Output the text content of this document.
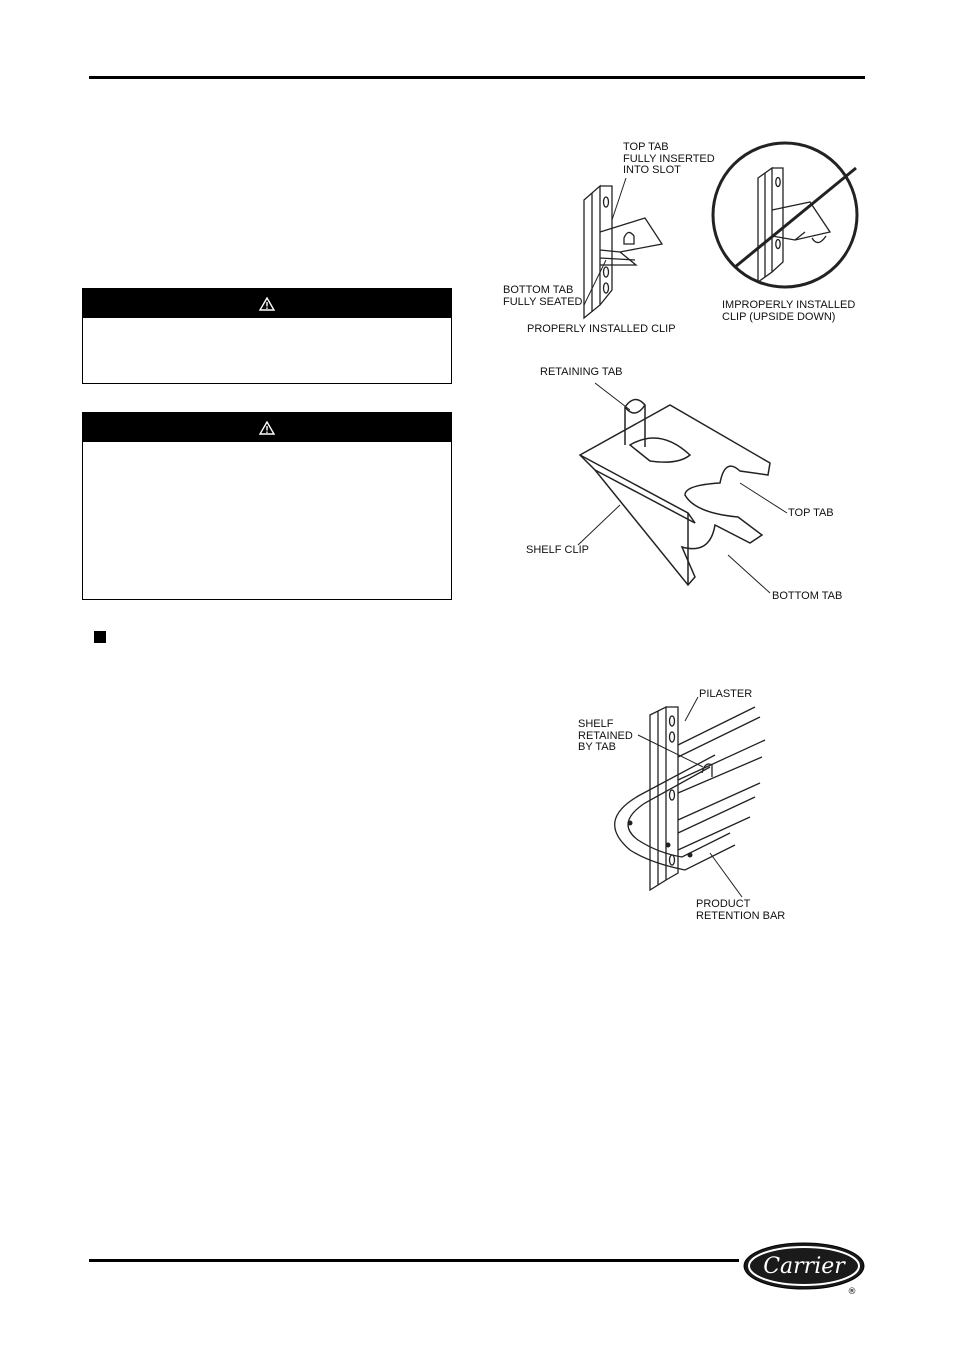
TOP TAB
FULLY INSERTED
INTO SLOT
BOTTOM TAB
FULLY SEATED
PROPERLY INSTALLED CLIP
IMPROPERLY INSTALLED
CLIP (UPSIDE DOWN)
RETAINING TAB
TOP TAB
SHELF CLIP
BOTTOM TAB
PILASTER
SHELF
RETAINED
BY TAB
PRODUCT
RETENTION BAR
Carrier
®
